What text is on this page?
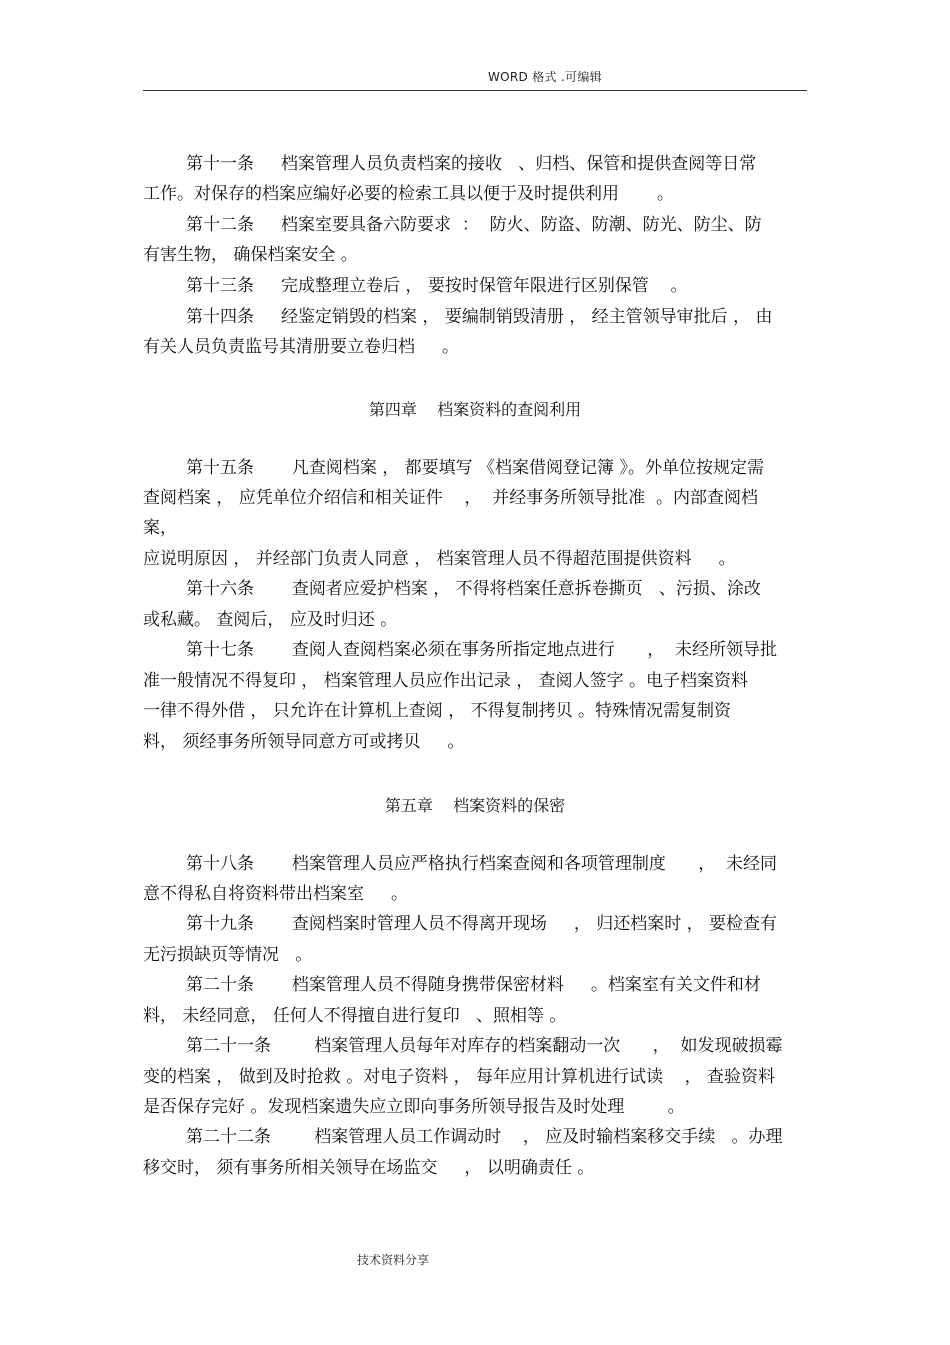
WORD 格式 .可编辑
第十一条     档案管理人员负责档案的接收   、归档、保管和提供查阅等日常
工作。对保存的档案应编好必要的检索工具以便于及时提供利用       。
第十二条     档案室要具备六防要求  ：  防火、防盗、防潮、防光、防尘、防
有害生物， 确保档案安全 。
第十三条     完成整理立卷后 ， 要按时保管年限进行区别保管    。
第十四条     经鉴定销毁的档案 ， 要编制销毁清册 ， 经主管领导审批后 ， 由
有关人员负责监号其清册要立卷归档     。
第四章    档案资料的查阅利用
第十五条       凡查阅档案 ， 都要填写 《档案借阅登记簿 》。外单位按规定需
查阅档案 ， 应凭单位介绍信和相关证件    ，  并经事务所领导批准  。内部查阅档
案，
应说明原因 ， 并经部门负责人同意 ， 档案管理人员不得超范围提供资料     。
第十六条       查阅者应爱护档案 ， 不得将档案任意拆卷撕页   、污损、涂改
或私藏。 查阅后， 应及时归还 。
第十七条       查阅人查阅档案必须在事务所指定地点进行      ，  未经所领导批
准一般情况不得复印 ， 档案管理人员应作出记录 ， 查阅人签字 。电子档案资料
一律不得外借 ， 只允许在计算机上查阅 ， 不得复制拷贝 。特殊情况需复制资
料， 须经事务所领导同意方可或拷贝     。
第五章    档案资料的保密
第十八条       档案管理人员应严格执行档案查阅和各项管理制度      ，  未经同
意不得私自将资料带出档案室     。
第十九条       查阅档案时管理人员不得离开现场     ， 归还档案时 ， 要检查有
无污损缺页等情况   。
第二十条       档案管理人员不得随身携带保密材料     。档案室有关文件和材
料， 未经同意， 任何人不得擅自进行复印   、照相等 。
第二十一条        档案管理人员每年对库存的档案翻动一次      ，  如发现破损霉
变的档案 ， 做到及时抢救 。对电子资料 ， 每年应用计算机进行试读    ， 查验资料
是否保存完好 。发现档案遗失应立即向事务所领导报告及时处理        。
第二十二条        档案管理人员工作调动时    ， 应及时输档案移交手续   。办理
移交时， 须有事务所相关领导在场监交     ， 以明确责任 。
技术资料分享
